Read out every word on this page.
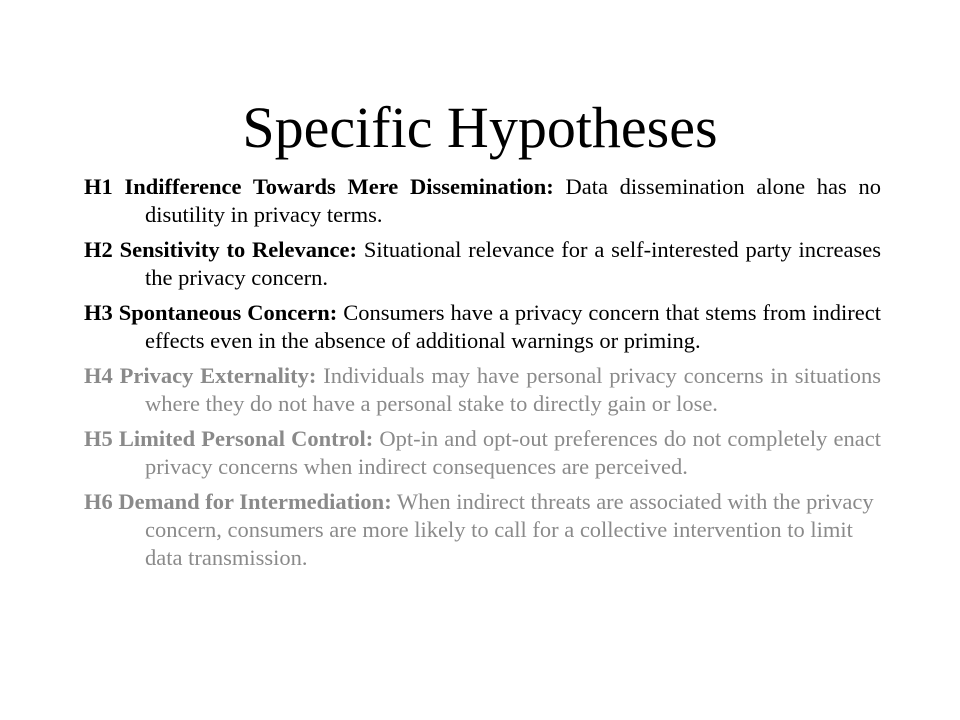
Specific Hypotheses
H1 Indifference Towards Mere Dissemination: Data dissemination alone has no disutility in privacy terms.
H2 Sensitivity to Relevance: Situational relevance for a self-interested party increases the privacy concern.
H3 Spontaneous Concern: Consumers have a privacy concern that stems from indirect effects even in the absence of additional warnings or priming.
H4 Privacy Externality: Individuals may have personal privacy concerns in situations where they do not have a personal stake to directly gain or lose.
H5 Limited Personal Control: Opt-in and opt-out preferences do not completely enact privacy concerns when indirect consequences are perceived.
H6 Demand for Intermediation: When indirect threats are associated with the privacy concern, consumers are more likely to call for a collective intervention to limit data transmission.
